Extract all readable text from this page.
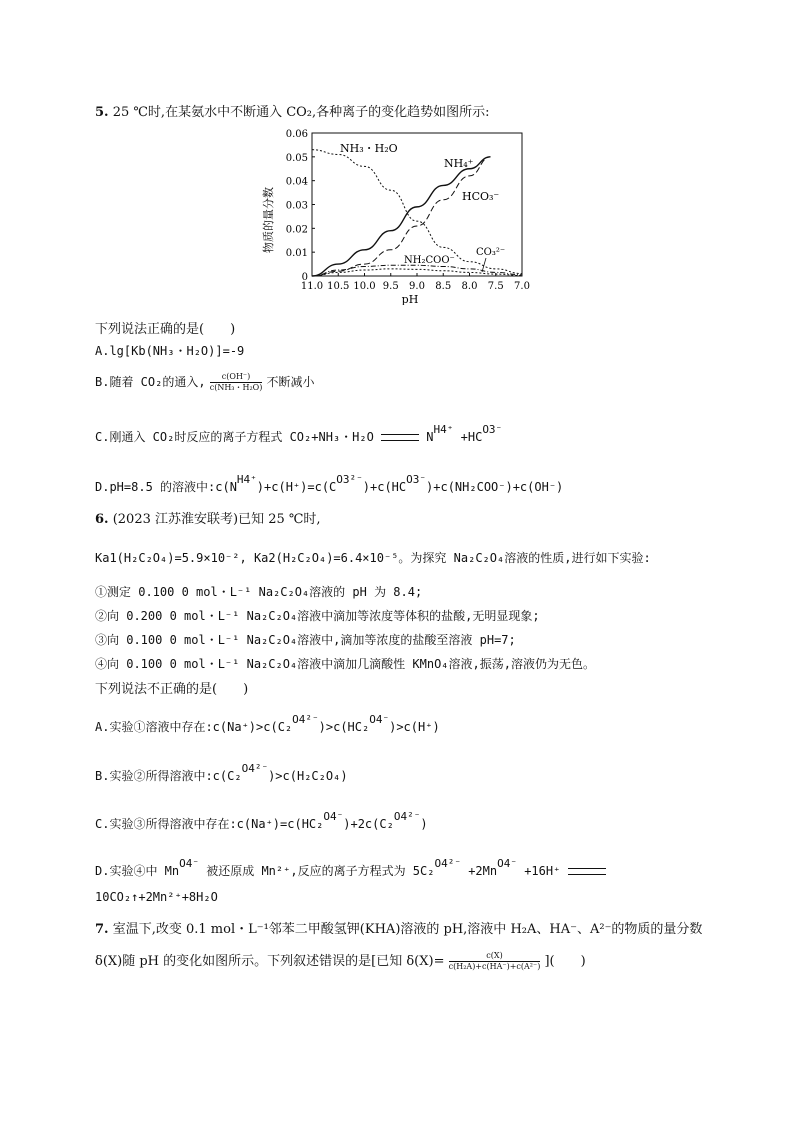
5. 25 ℃时,在某氨水中不断通入 CO₂,各种离子的变化趋势如图所示:
11.0 10.5 10.0 9.5 9.0 8.5 8.0 7.5 7.0
0
0.01
0.02
0.03
0.04
0.05
0.06
物质的量分数
pH
NH₃・H₂O
NH₄⁺
HCO₃⁻
NH₂COO⁻
CO₃²⁻
下列说法正确的是(　　)
A.lg[Kb(NH₃・H₂O)]=-9
B.随着 CO₂的通入, $\frac{c(OH^-)}{\text{c(NH₃・H₂O)}}$ 不断减小
C.刚通入 CO₂时反应的离子方程式 CO₂+NH₃・H₂O	NH4⁺ +HCO3⁻
D.pH=8.5 的溶液中:c(NH4⁺)+c(H⁺)=c(CO3²⁻)+c(HCO3⁻)+c(NH₂COO⁻)+c(OH⁻)
6. (2023 江苏淮安联考)已知 25 ℃时,
Ka1(H₂C₂O₄)=5.9×10⁻², Ka2(H₂C₂O₄)=6.4×10⁻⁵。为探究 Na₂C₂O₄溶液的性质,进行如下实验:
①测定 0.100 0 mol・L⁻¹ Na₂C₂O₄溶液的 pH 为 8.4;
②向 0.200 0 mol・L⁻¹ Na₂C₂O₄溶液中滴加等浓度等体积的盐酸,无明显现象;
③向 0.100 0 mol・L⁻¹ Na₂C₂O₄溶液中,滴加等浓度的盐酸至溶液 pH=7;
④向 0.100 0 mol・L⁻¹ Na₂C₂O₄溶液中滴加几滴酸性 KMnO₄溶液,振荡,溶液仍为无色。
下列说法不正确的是(　　)
A.实验①溶液中存在:c(Na⁺)>c(C₂O4²⁻)>c(HC₂O4⁻)>c(H⁺)
B.实验②所得溶液中:c(C₂O4²⁻)>c(H₂C₂O₄)
C.实验③所得溶液中存在:c(Na⁺)=c(HC₂O4⁻)+2c(C₂O4²⁻)
D.实验④中 MnO4⁻ 被还原成 Mn²⁺,反应的离子方程式为 5C₂O4²⁻ +2MnO4⁻ +16H⁺
10CO₂↑+2Mn²⁺+8H₂O
7. 室温下,改变 0.1 mol・L⁻¹邻苯二甲酸氢钾(KHA)溶液的 pH,溶液中 H₂A、HA⁻、A²⁻的物质的量分数
δ(X)随 pH 的变化如图所示。下列叙述错误的是[已知 $\delta(X)= \frac{c(X)}{\text{c(H₂A)+c(HA⁻)+c(A²⁻)}}$ ](　　)
